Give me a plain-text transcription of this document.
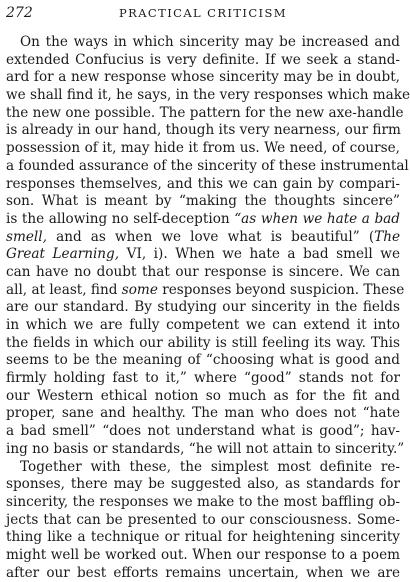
272	PRACTICAL CRITICISM
On the ways in which sincerity may be increased and
extended Confucius is very definite. If we seek a stand-
ard for a new response whose sincerity may be in doubt,
we shall find it, he says, in the very responses which make
the new one possible. The pattern for the new axe-handle
is already in our hand, though its very nearness, our firm
possession of it, may hide it from us. We need, of course,
a founded assurance of the sincerity of these instrumental
responses themselves, and this we can gain by compari-
son. What is meant by “making the thoughts sincere”
is the allowing no self-deception “as when we hate a bad
smell, and as when we love what is beautiful” (The
Great Learning, VI, i). When we hate a bad smell we
can have no doubt that our response is sincere. We can
all, at least, find some responses beyond suspicion. These
are our standard. By studying our sincerity in the fields
in which we are fully competent we can extend it into
the fields in which our ability is still feeling its way. This
seems to be the meaning of “choosing what is good and
firmly holding fast to it,” where “good” stands not for
our Western ethical notion so much as for the fit and
proper, sane and healthy. The man who does not “hate
a bad smell” “does not understand what is good”; hav-
ing no basis or standards, “he will not attain to sincerity.”
Together with these, the simplest most definite re-
sponses, there may be suggested also, as standards for
sincerity, the responses we make to the most baffling ob-
jects that can be presented to our consciousness. Some-
thing like a technique or ritual for heightening sincerity
might well be worked out. When our response to a poem
after our best efforts remains uncertain, when we are
